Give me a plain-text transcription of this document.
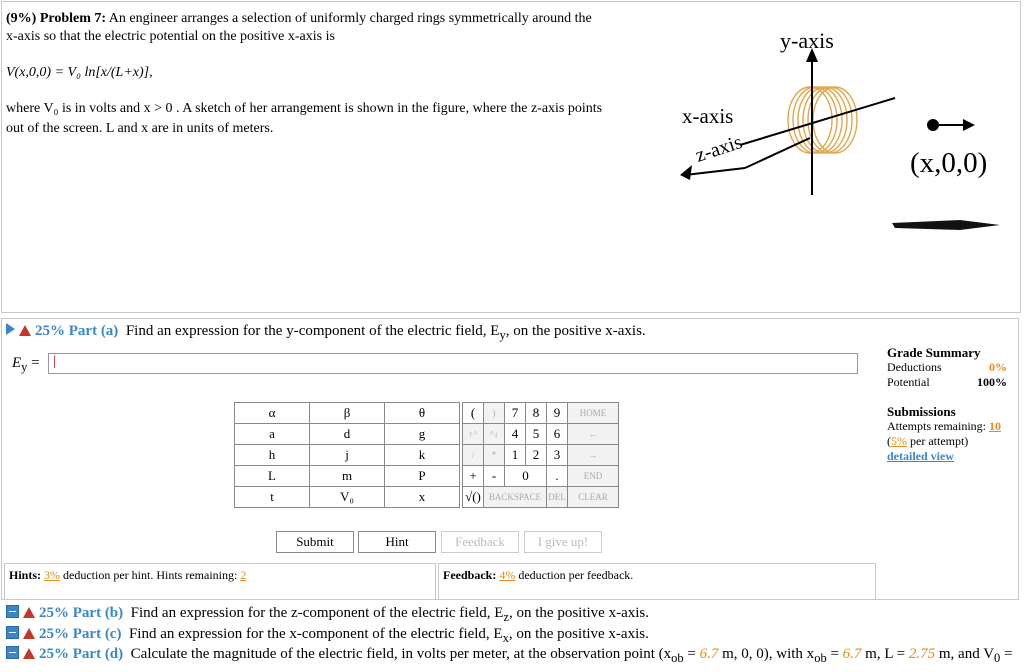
(9%) Problem 7: An engineer arranges a selection of uniformly charged rings symmetrically around the
x-axis so that the electric potential on the positive x-axis is
V(x,0,0) = V₀ ln[x/(L+x)],
where V₀ is in volts and x > 0 . A sketch of her arrangement is shown in the figure, where the z-axis points
out of the screen. L and x are in units of meters.
y-axis
x-axis
z-axis	(x,0,0)
25% Part (a) Find an expression for the y-component of the electric field, $E_y$, on the positive x-axis.
$E_y$ = |
α	β	θ
a	d	g
h	j	k
L	m	P
t	V₀	x
(	)	7	8	9	HOME
↑^	^↓	4	5	6	←
/	*	1	2	3	→
+	-	0		.	END
√()	BACKSPACE			DEL	CLEAR
Submit	Hint	Feedback	I give up!
Grade Summary
Deductions	0%
Potential	100%
Submissions
Attempts remaining: 10
(5% per attempt)
detailed view
Hints: 3% deduction per hint. Hints remaining: 2	Feedback: 4% deduction per feedback.
25% Part (b) Find an expression for the z-component of the electric field, $E_z$, on the positive x-axis.
25% Part (c) Find an expression for the x-component of the electric field, $E_x$, on the positive x-axis.
25% Part (d) Calculate the magnitude of the electric field, in volts per meter, at the observation point ($x_{ob} = 6.7$ m, 0, 0), with $x_{ob} = 6.7$ m, L = 2.75 m, and $V_0$ =
